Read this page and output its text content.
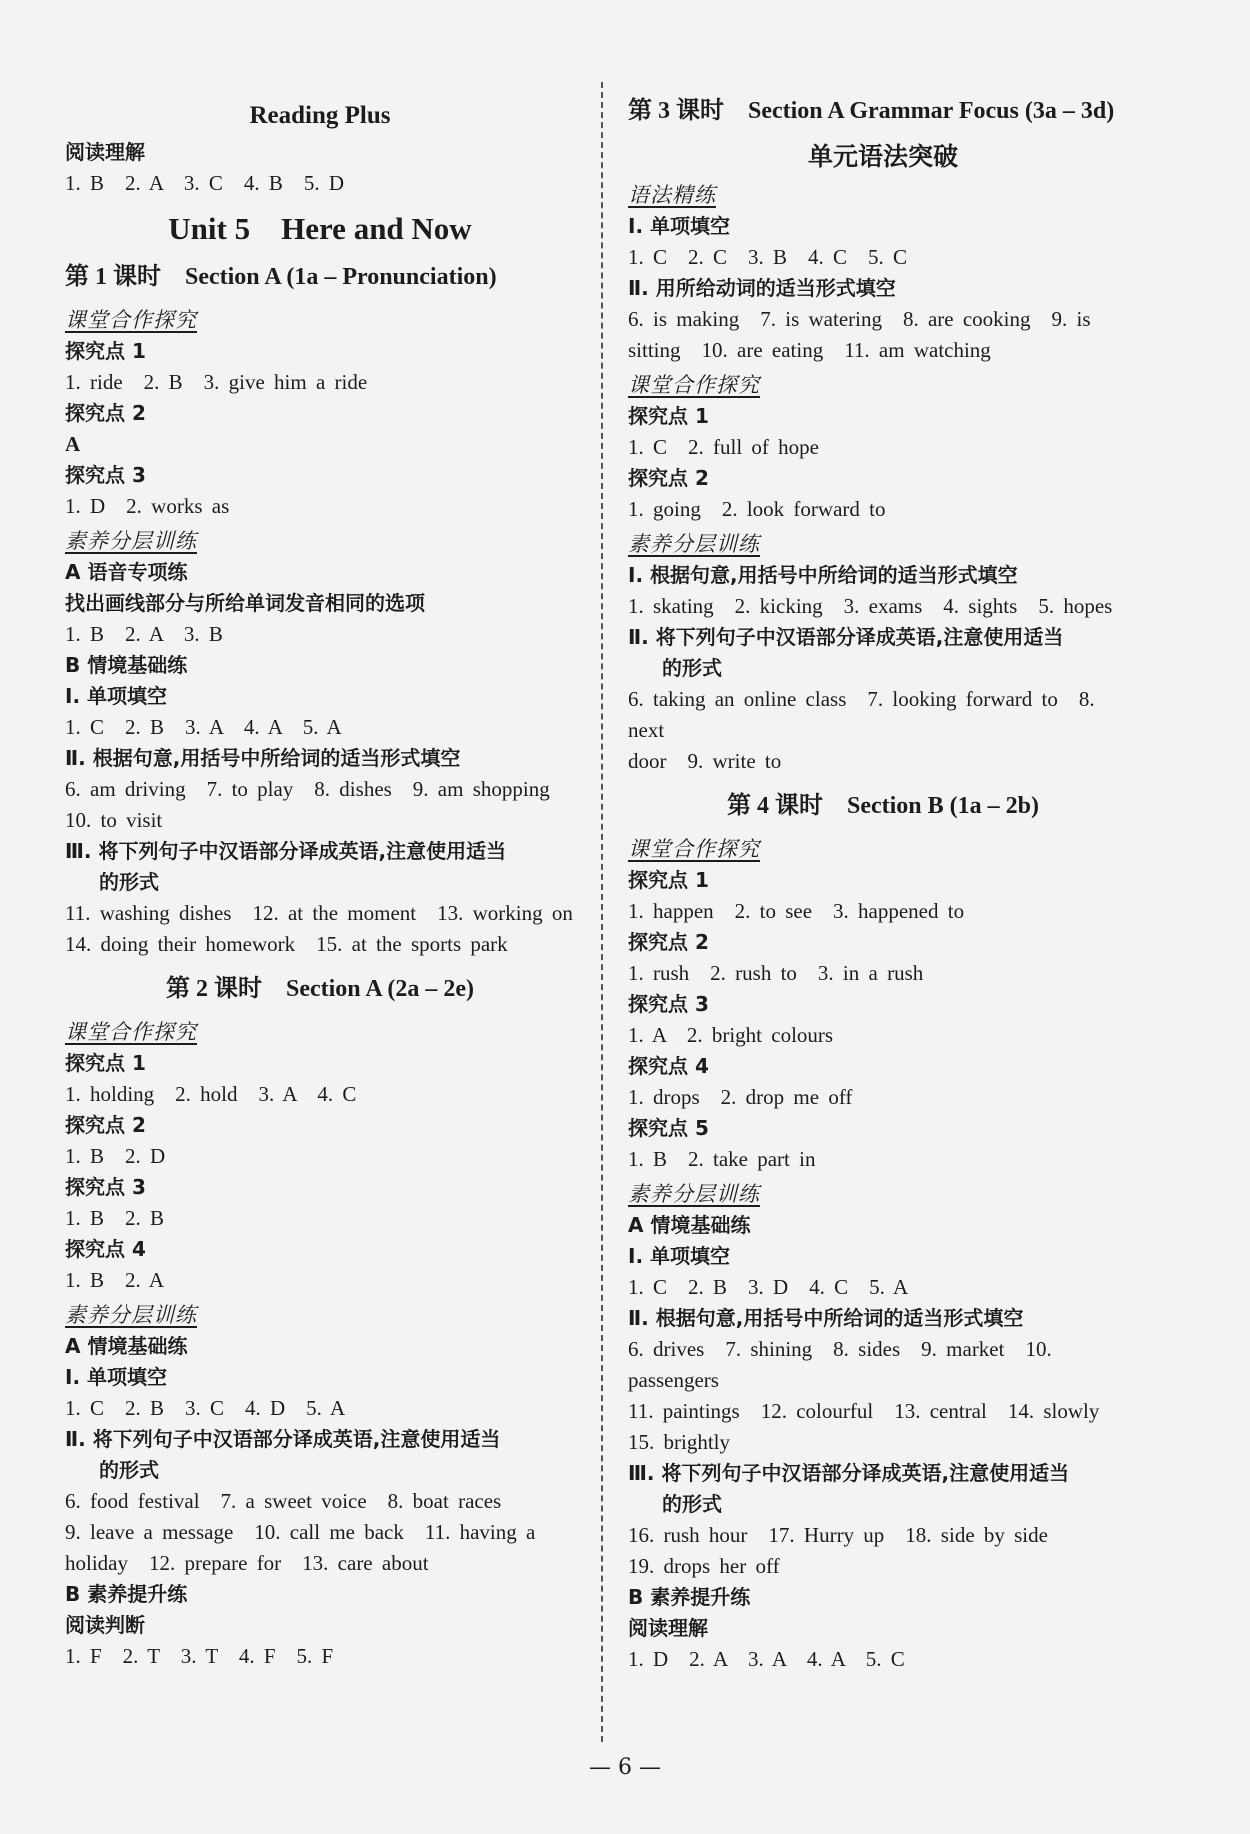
Reading Plus
阅读理解
1. B　2. A　3. C　4. B　5. D
Unit 5　Here and Now
第 1 课时　Section A (1a – Pronunciation)
课堂合作探究
探究点 1
1. ride　2. B　3. give him a ride
探究点 2
A
探究点 3
1. D　2. works as
素养分层训练
A 语音专项练
找出画线部分与所给单词发音相同的选项
1. B　2. A　3. B
B 情境基础练
Ⅰ. 单项填空
1. C　2. B　3. A　4. A　5. A
Ⅱ. 根据句意,用括号中所给词的适当形式填空
6. am driving　7. to play　8. dishes　9. am shopping
10. to visit
Ⅲ. 将下列句子中汉语部分译成英语,注意使用适当
的形式
11. washing dishes　12. at the moment　13. working on
14. doing their homework　15. at the sports park
第 2 课时　Section A (2a – 2e)
课堂合作探究
探究点 1
1. holding　2. hold　3. A　4. C
探究点 2
1. B　2. D
探究点 3
1. B　2. B
探究点 4
1. B　2. A
素养分层训练
A 情境基础练
Ⅰ. 单项填空
1. C　2. B　3. C　4. D　5. A
Ⅱ. 将下列句子中汉语部分译成英语,注意使用适当
的形式
6. food festival　7. a sweet voice　8. boat races
9. leave a message　10. call me back　11. having a
holiday　12. prepare for　13. care about
B 素养提升练
阅读判断
1. F　2. T　3. T　4. F　5. F
第 3 课时　Section A Grammar Focus (3a – 3d)
单元语法突破
语法精练
Ⅰ. 单项填空
1. C　2. C　3. B　4. C　5. C
Ⅱ. 用所给动词的适当形式填空
6. is making　7. is watering　8. are cooking　9. is
sitting　10. are eating　11. am watching
课堂合作探究
探究点 1
1. C　2. full of hope
探究点 2
1. going　2. look forward to
素养分层训练
Ⅰ. 根据句意,用括号中所给词的适当形式填空
1. skating　2. kicking　3. exams　4. sights　5. hopes
Ⅱ. 将下列句子中汉语部分译成英语,注意使用适当
的形式
6. taking an online class　7. looking forward to　8. next
door　9. write to
第 4 课时　Section B (1a – 2b)
课堂合作探究
探究点 1
1. happen　2. to see　3. happened to
探究点 2
1. rush　2. rush to　3. in a rush
探究点 3
1. A　2. bright colours
探究点 4
1. drops　2. drop me off
探究点 5
1. B　2. take part in
素养分层训练
A 情境基础练
Ⅰ. 单项填空
1. C　2. B　3. D　4. C　5. A
Ⅱ. 根据句意,用括号中所给词的适当形式填空
6. drives　7. shining　8. sides　9. market　10. passengers
11. paintings　12. colourful　13. central　14. slowly
15. brightly
Ⅲ. 将下列句子中汉语部分译成英语,注意使用适当
的形式
16. rush hour　17. Hurry up　18. side by side
19. drops her off
B 素养提升练
阅读理解
1. D　2. A　3. A　4. A　5. C
— 6 —
